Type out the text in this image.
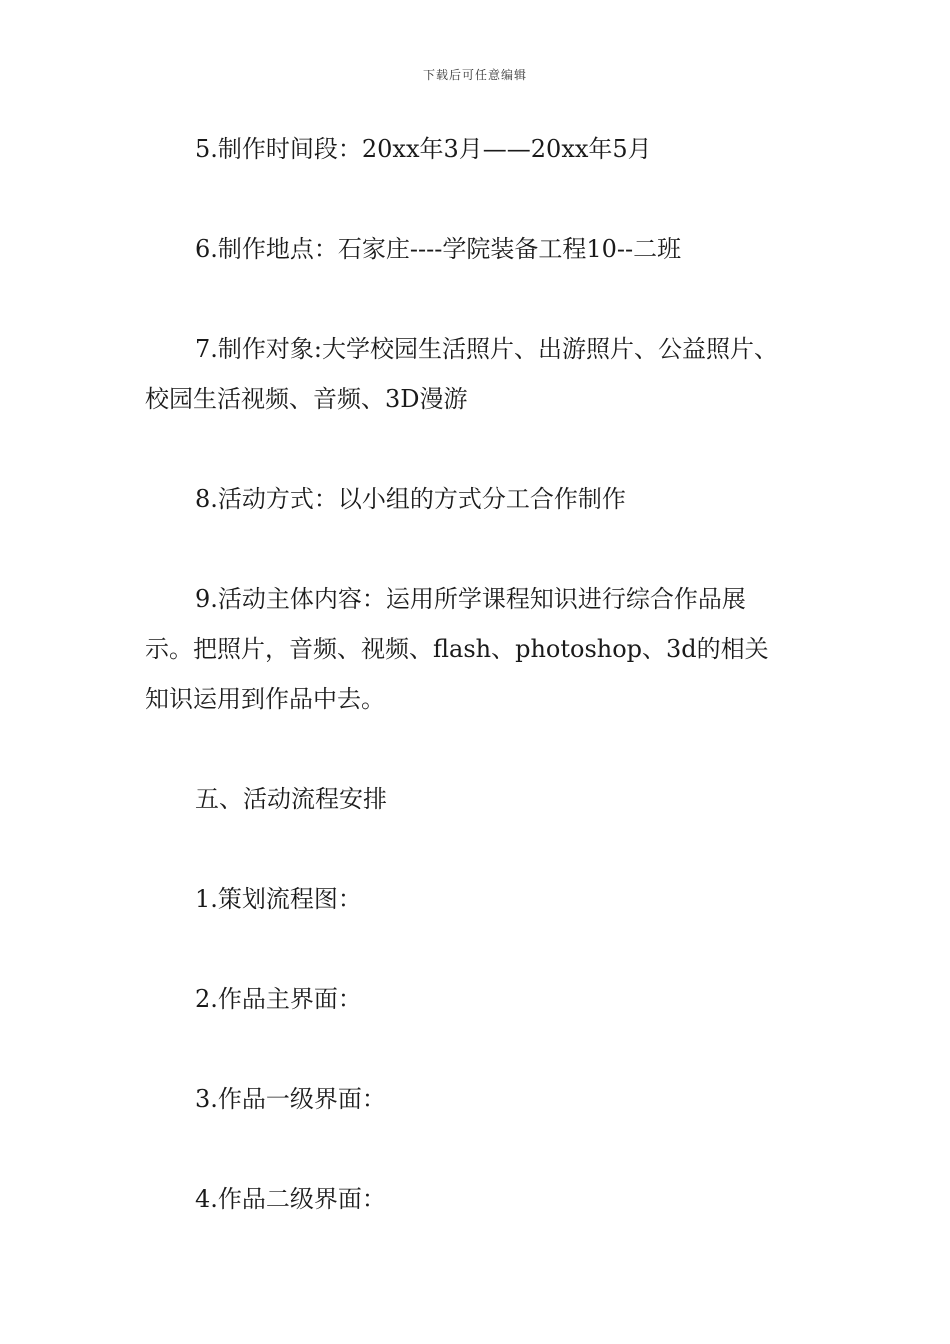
下载后可任意编辑
5.制作时间段：20xx年3月——20xx年5月
6.制作地点：石家庄----学院装备工程10--二班
7.制作对象:大学校园生活照片、出游照片、公益照片、
校园生活视频、音频、3D漫游
8.活动方式：以小组的方式分工合作制作
9.活动主体内容：运用所学课程知识进行综合作品展
示。把照片，音频、视频、flash、photoshop、3d的相关
知识运用到作品中去。
五、活动流程安排
1.策划流程图：
2.作品主界面：
3.作品一级界面：
4.作品二级界面：
